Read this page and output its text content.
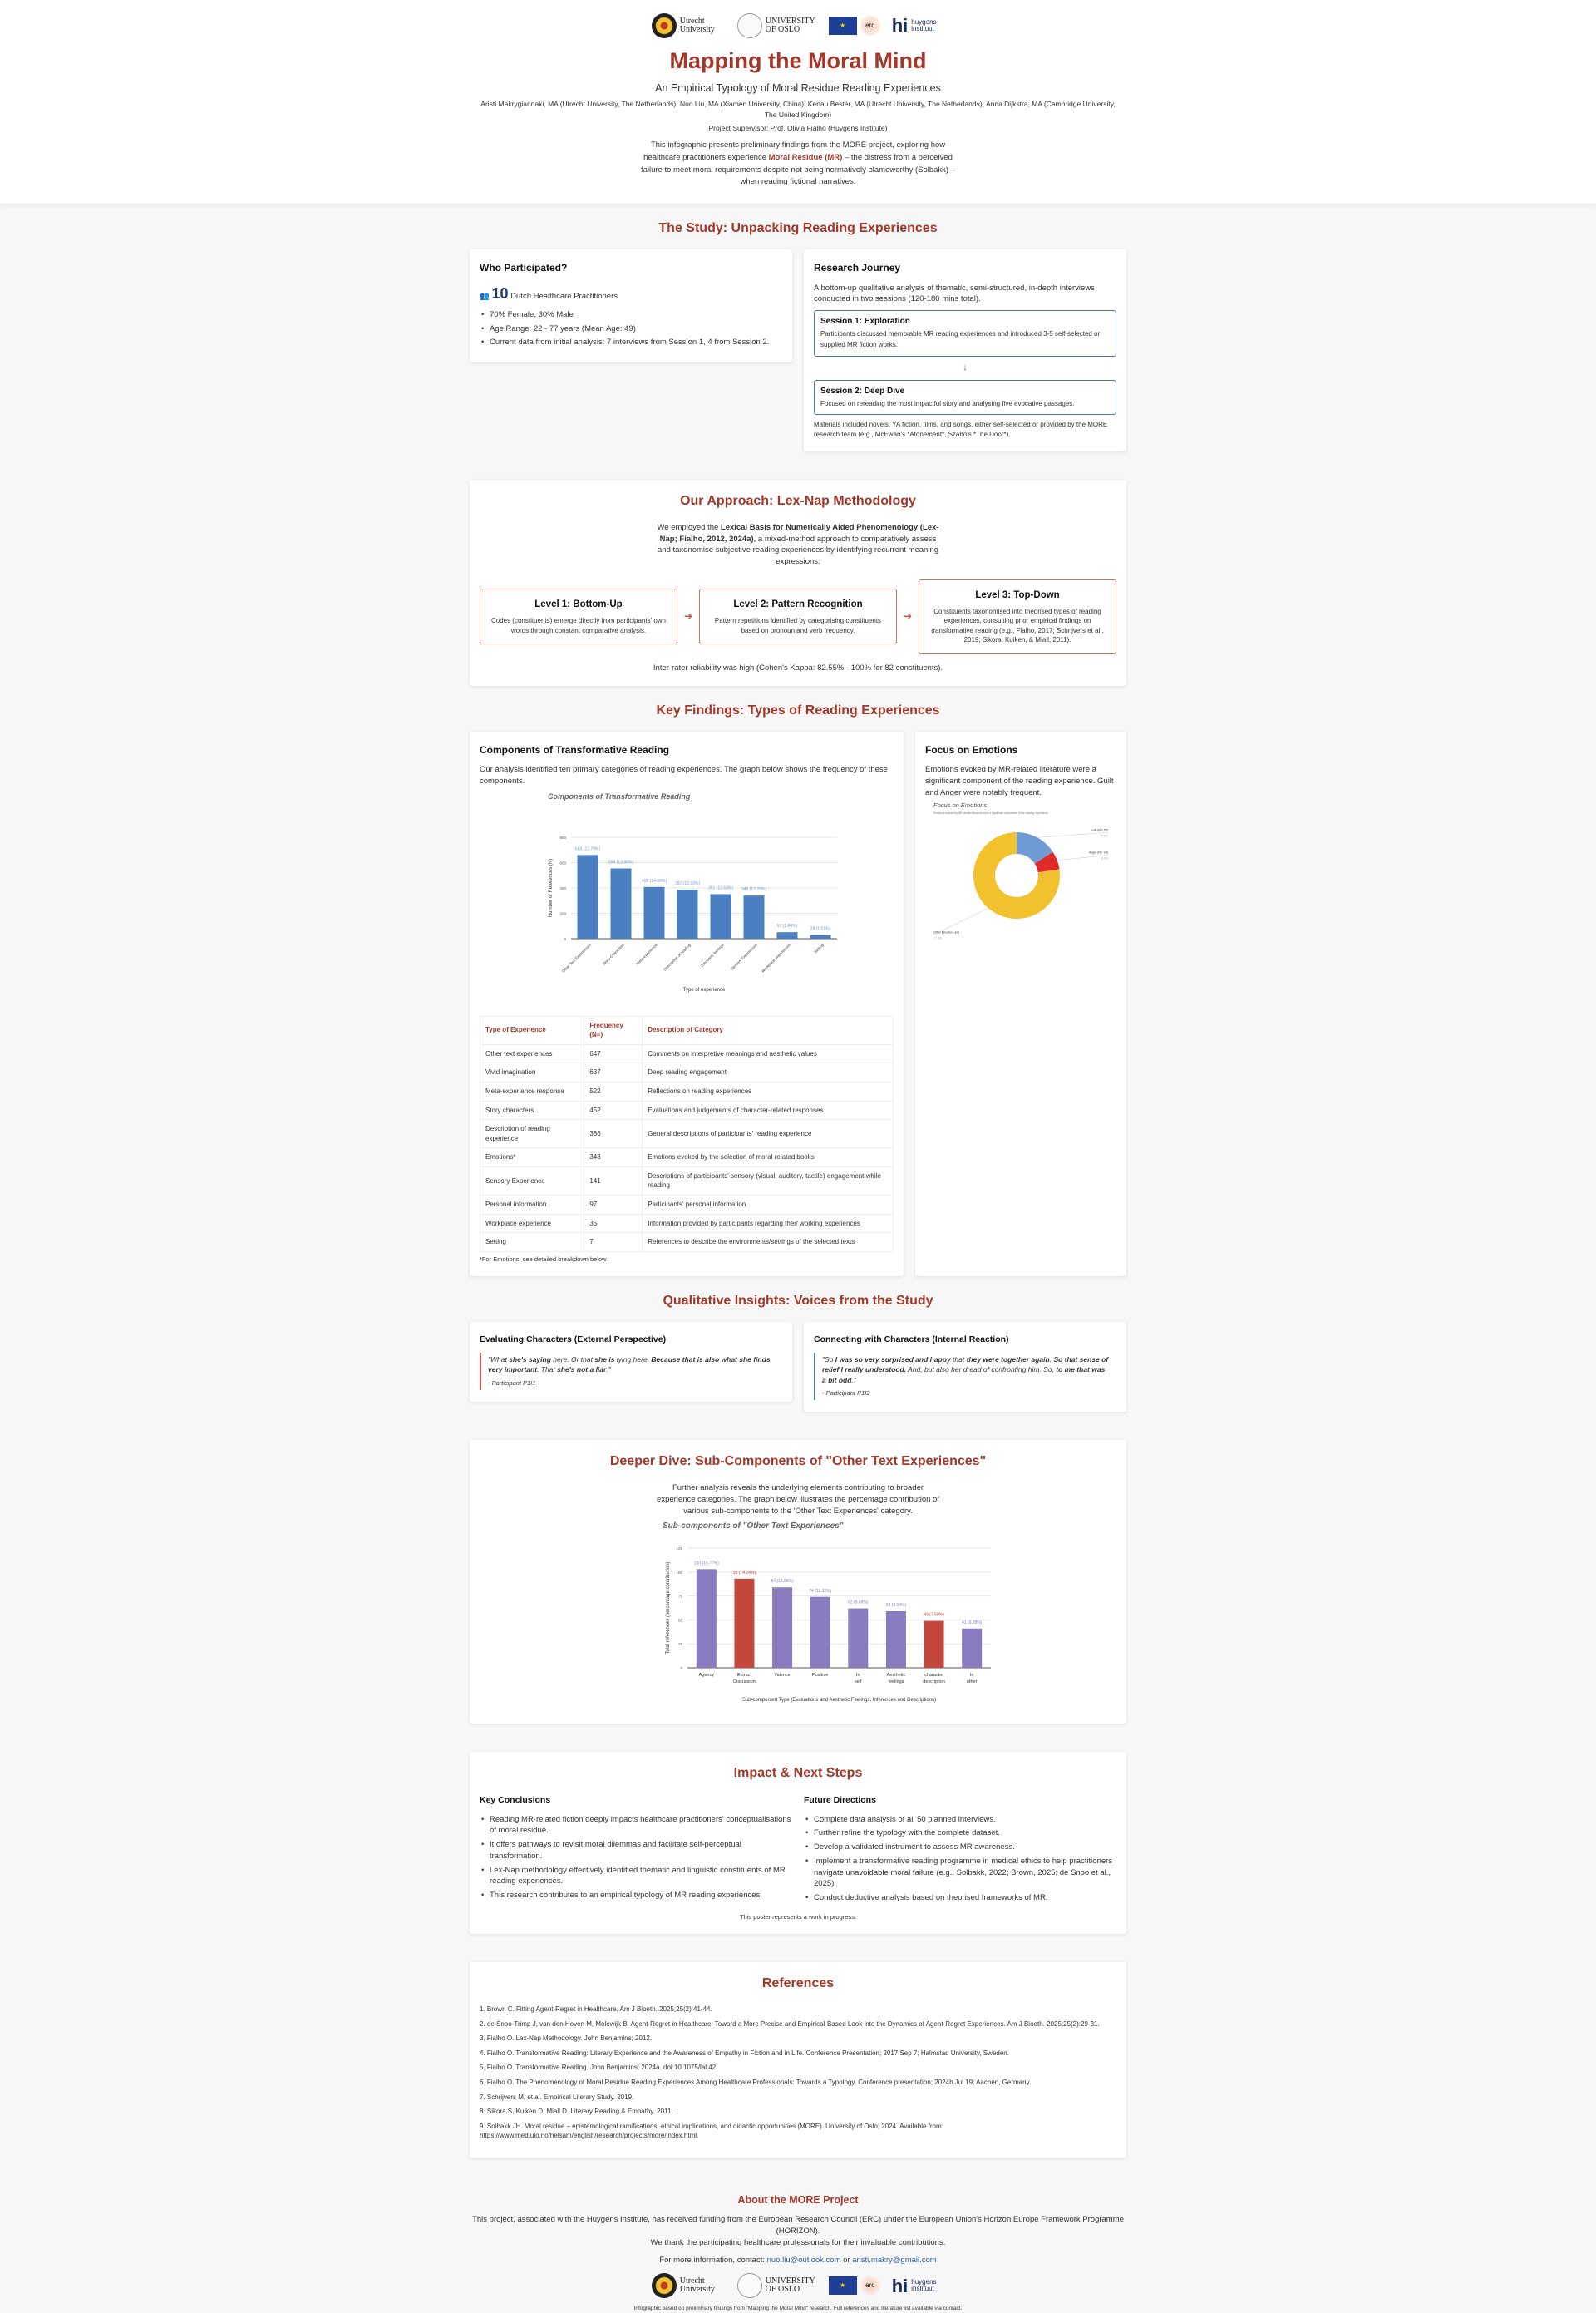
Utrecht University
UNIVERSITY OF OSLO	★	erc hi huygens instituut
Mapping the Moral Mind
An Empirical Typology of Moral Residue Reading Experiences
Aristi Makrygiannaki, MA (Utrecht University, The Netherlands); Nuo Liu, MA (Xiamen University, China); Kenau Bester, MA (Utrecht University, The Netherlands); Anna Dijkstra, MA (Cambridge University, The United Kingdom)
Project Supervisor: Prof. Olivia Fialho (Huygens Institute)
This infographic presents preliminary findings from the MORE project, exploring how healthcare practitioners experience Moral Residue (MR) – the distress from a perceived failure to meet moral requirements despite not being normatively blameworthy (Solbakk) – when reading fictional narratives.
The Study: Unpacking Reading Experiences
Who Participated?
👥 10 Dutch Healthcare Practitioners
• 70% Female, 30% Male
• Age Range: 22 - 77 years (Mean Age: 49)
• Current data from initial analysis: 7 interviews from Session 1, 4 from Session 2.
Research Journey

A bottom-up qualitative analysis of thematic, semi-structured, in-depth interviews conducted in two sessions (120-180 mins total).

Session 1: Exploration
Participants discussed memorable MR reading experiences and introduced 3-5 self-selected or supplied MR fiction works.
↓
Session 2: Deep Dive
Focused on rereading the most impactful story and analysing five evocative passages.

Materials included novels, YA fiction, films, and songs, either self-selected or provided by the MORE research team (e.g., McEwan's *Atonement*, Szabó's *The Door*).

Our Approach: Lex-Nap Methodology

We employed the Lexical Basis for Numerically Aided Phenomenology (Lex-Nap; Fialho, 2012, 2024a), a mixed-method approach to comparatively assess and taxonomise subjective reading experiences by identifying recurrent meaning expressions.

Level 1: Bottom-Up
Codes (constituents) emerge directly from participants' own words through constant comparative analysis.
➔
Level 2: Pattern Recognition
Pattern repetitions identified by categorising constituents based on pronoun and verb frequency.
➔
Level 3: Top-Down
Constituents taxonomised into theorised types of reading experiences, consulting prior empirical findings on transformative reading (e.g., Fialho, 2017; Schrijvers et al., 2019; Sikora, Kuiken, & Miall, 2011).

Inter-rater reliability was high (Cohen's Kappa: 82.55% - 100% for 82 constituents).

Key Findings: Types of Reading Experiences
Components of Transformative Reading

Our analysis identified ten primary categories of reading experiences. The graph below shows the frequency of these components.

Components of Transformative Reading
0
200
400
600
800
660 (23.79%)
Other Text Experiences
554 (19.96%)
Story Characters
408 (14.69%)
Meta-experience
387 (13.93%)
Description of reading
351 (12.63%)
Emotions, feelings
340 (12.23%)
Sensory Experiences
51 (1.84%)
Workplace experiences
28 (1.01%)
Setting
Type of experience
Number of References (N)
Type of Experience	Frequency (N=)	Description of Category
Other text experiences	647	Comments on interpretive meanings and aesthetic values
Vivid imagination	637	Deep reading engagement
Meta-experience response	522	Reflections on reading experiences
Story characters	452	Evaluations and judgements of character-related responses
Description of reading experience	386	General descriptions of participants' reading experience
Emotions*	348	Emotions evoked by the selection of moral related books
Sensory Experience	141	Descriptions of participants' sensory (visual, auditory, tactile) engagement while reading
Personal information	97	Participants' personal information
Workplace experience	35	Information provided by participants regarding their working experiences
Setting	7	References to describe the environments/settings of the selected texts

*For Emotions, see detailed breakdown below.

Focus on Emotions

Emotions evoked by MR-related literature were a significant component of the reading experience. Guilt and Anger were notably frequent.

Focus on Emotions
Emotions evoked by MR-related literature were a significant component of the reading experience.
Guilt (N = 55)
15.8%
Anger (N = 24)
6.9%
Other Emotions and
77.3%
Qualitative Insights: Voices from the Study
Evaluating Characters (External Perspective)
"What she's saying here. Or that she is lying here. Because that is also what she finds very important. That she's not a liar."
- Participant P1I1
Connecting with Characters (Internal Reaction)
"So I was so very surprised and happy that they were together again. So that sense of relief I really understood. And, but also her dread of confronting him. So, to me that was a bit odd."
- Participant P1I2
Deeper Dive: Sub-Components of "Other Text Experiences"

Further analysis reveals the underlying elements contributing to broader experience categories. The graph below illustrates the percentage contribution of various sub-components to the 'Other Text Experiences' category.

Sub-components of "Other Text Experiences"
0
25
50
75
100
125
103 (15.77%)
Agency
93 (14.24%)
Extract Discussion
84 (12.86%)
Valence
74 (11.33%)
Positive
62 (9.49%)
In self
59 (9.04%)
Aesthetic feelings
49 (7.50%)
character description
41 (6.28%)
In other
Sub-component Type (Evaluations and Aesthetic Feelings, Inferences and Descriptions)
Total references (percentage contribution)
Impact & Next Steps
Key Conclusions
• Reading MR-related fiction deeply impacts healthcare practitioners' conceptualisations of moral residue.
• It offers pathways to revisit moral dilemmas and facilitate self-perceptual transformation.
• Lex-Nap methodology effectively identified thematic and linguistic constituents of MR reading experiences.
• This research contributes to an empirical typology of MR reading experiences.
Future Directions
• Complete data analysis of all 50 planned interviews.
• Further refine the typology with the complete dataset.
• Develop a validated instrument to assess MR awareness.
• Implement a transformative reading programme in medical ethics to help practitioners navigate unavoidable moral failure (e.g., Solbakk, 2022; Brown, 2025; de Snoo et al., 2025).
• Conduct deductive analysis based on theorised frameworks of MR.

This poster represents a work in progress.

References

1. Brown C. Fitting Agent-Regret in Healthcare. Am J Bioeth. 2025;25(2):41-44.

2. de Snoo-Trimp J, van den Hoven M, Molewijk B. Agent-Regret in Healthcare: Toward a More Precise and Empirical-Based Look into the Dynamics of Agent-Regret Experiences. Am J Bioeth. 2025;25(2):29-31.

3. Fialho O. Lex-Nap Methodology. John Benjamins; 2012.

4. Fialho O. Transformative Reading: Literary Experience and the Awareness of Empathy in Fiction and in Life. Conference Presentation; 2017 Sep 7; Halmstad University, Sweden.

5. Fialho O. Transformative Reading. John Benjamins; 2024a. doi:10.1075/lal.42.

6. Fialho O. The Phenomenology of Moral Residue Reading Experiences Among Healthcare Professionals: Towards a Typology. Conference presentation; 2024b Jul 19; Aachen, Germany.

7. Schrijvers M, et al. Empirical Literary Study. 2019.

8. Sikora S, Kuiken D, Miall D. Literary Reading & Empathy. 2011.

9. Solbakk JH. Moral residue – epistemological ramifications, ethical implications, and didactic opportunities (MORE). University of Oslo; 2024. Available from: https://www.med.uio.no/helsam/english/research/projects/more/index.html.

About the MORE Project

This project, associated with the Huygens Institute, has received funding from the European Research Council (ERC) under the European Union's Horizon Europe Framework Programme (HORIZON).

We thank the participating healthcare professionals for their invaluable contributions.

For more information, contact: nuo.liu@outlook.com or aristi.makry@gmail.com

Utrecht University
UNIVERSITY OF OSLO	★	erc hi huygens instituut

Infographic based on preliminary findings from "Mapping the Moral Mind" research. Full references and literature list available via contact.
